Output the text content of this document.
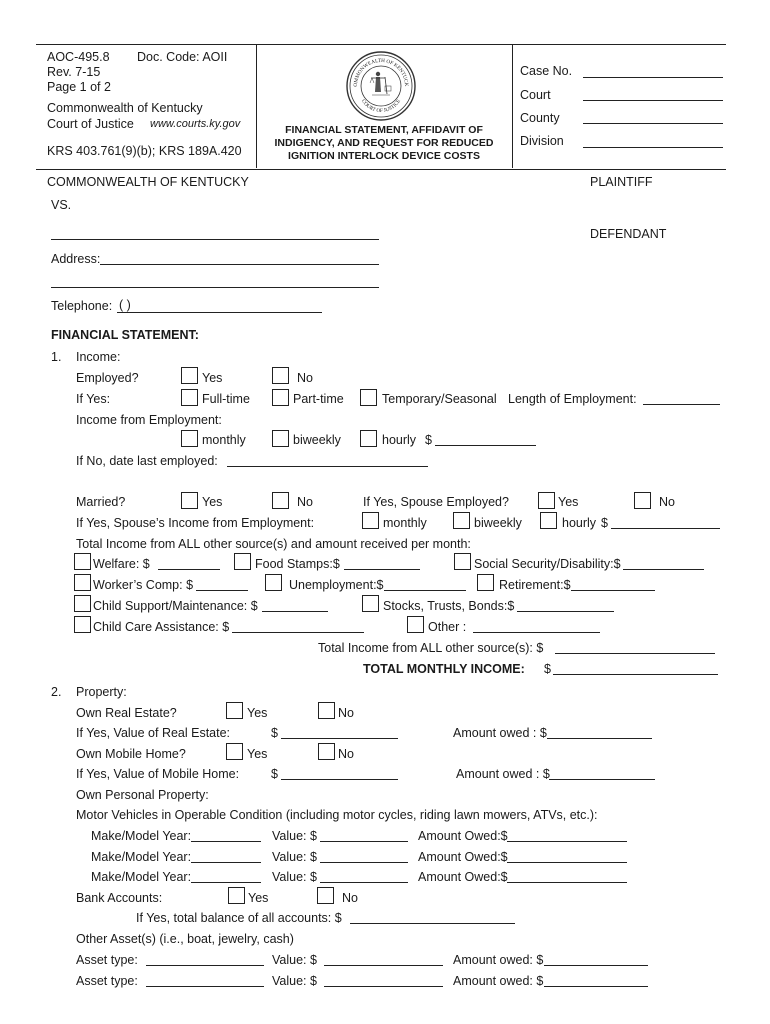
AOC-495.8 Doc. Code: AOII
Rev. 7-15
Page 1 of 2
Commonwealth of Kentucky
Court of Justice www.courts.ky.gov
KRS 403.761(9)(b); KRS 189A.420
OMMONWEALTH OF KENTUCK
COURT OF JUSTICE
FINANCIAL STATEMENT, AFFIDAVIT OF
INDIGENCY, AND REQUEST FOR REDUCED
IGNITION INTERLOCK DEVICE COSTS
Case No.
Court
County
Division
COMMONWEALTH OF KENTUCKY	PLAINTIFF
VS.
DEFENDANT
Address:
Telephone: ( )
FINANCIAL STATEMENT:
1. Income:
Employed?	Yes	No
If Yes:	Full-time	Part-time	Temporary/Seasonal Length of Employment:
Income from Employment:
monthly	biweekly	hourly $
If No, date last employed:
Married?	Yes	No	If Yes, Spouse Employed?	Yes	No
If Yes, Spouse’s Income from Employment:	monthly	biweekly	hourly $
Total Income from ALL other source(s) and amount received per month:
Welfare: $	Food Stamps:$	Social Security/Disability:$
Worker’s Comp: $	Unemployment:$	Retirement:$
Child Support/Maintenance: $	Stocks, Trusts, Bonds:$
Child Care Assistance: $	Other :
Total Income from ALL other source(s): $
TOTAL MONTHLY INCOME: $
2. Property:
Own Real Estate?	Yes	No
If Yes, Value of Real Estate:	$	Amount owed : $
Own Mobile Home?	Yes	No
If Yes, Value of Mobile Home:	$	Amount owed : $
Own Personal Property:
Motor Vehicles in Operable Condition (including motor cycles, riding lawn mowers, ATVs, etc.):
Make/Model Year:	Value: $	Amount Owed:$
Make/Model Year:	Value: $	Amount Owed:$
Make/Model Year:	Value: $	Amount Owed:$
Bank Accounts:	Yes	No
If Yes, total balance of all accounts: $
Other Asset(s) (i.e., boat, jewelry, cash)
Asset type:	Value: $	Amount owed: $
Asset type:	Value: $	Amount owed: $
